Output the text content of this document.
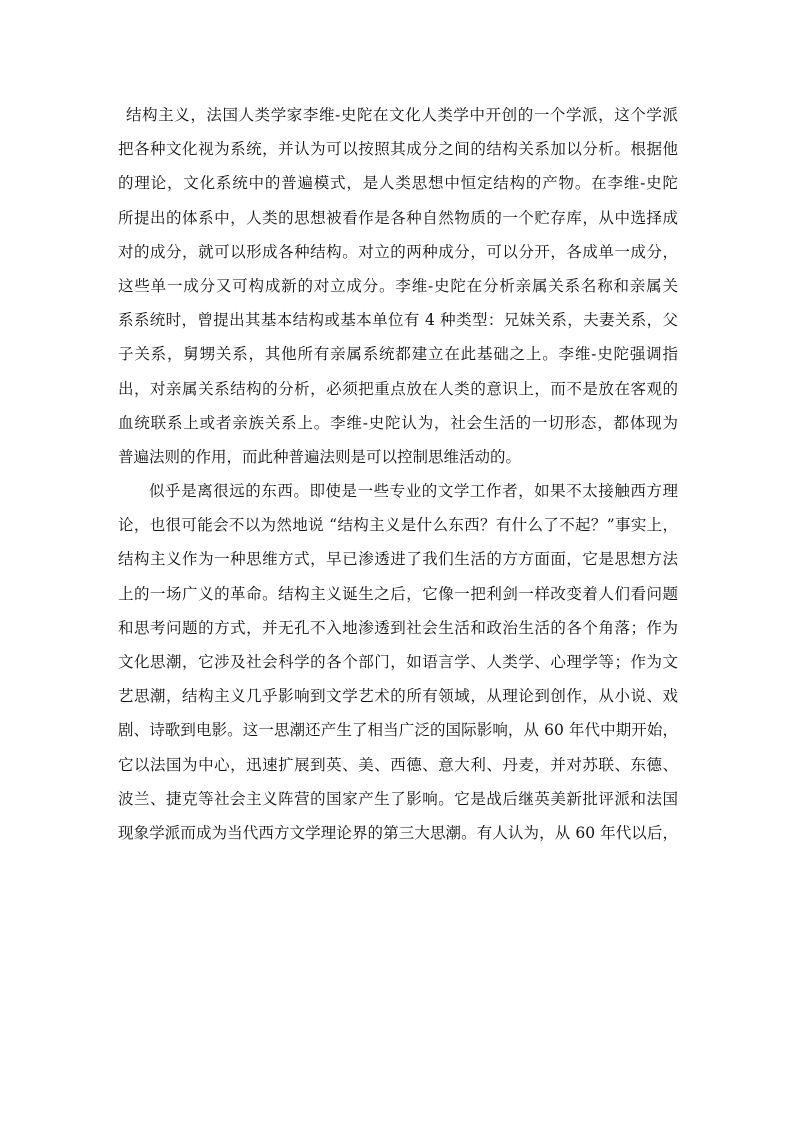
结构主义，法国人类学家李维-史陀在文化人类学中开创的一个学派，这个学派
把各种文化视为系统，并认为可以按照其成分之间的结构关系加以分析。根据他
的理论，文化系统中的普遍模式，是人类思想中恒定结构的产物。在李维-史陀
所提出的体系中，人类的思想被看作是各种自然物质的一个贮存库，从中选择成
对的成分，就可以形成各种结构。对立的两种成分，可以分开，各成单一成分，
这些单一成分又可构成新的对立成分。李维-史陀在分析亲属关系名称和亲属关
系系统时，曾提出其基本结构或基本单位有 4 种类型：兄妹关系，夫妻关系，父
子关系，舅甥关系，其他所有亲属系统都建立在此基础之上。李维-史陀强调指
出，对亲属关系结构的分析，必须把重点放在人类的意识上，而不是放在客观的
血统联系上或者亲族关系上。李维-史陀认为，社会生活的一切形态，都体现为
普遍法则的作用，而此种普遍法则是可以控制思维活动的。
似乎是离很远的东西。即使是一些专业的文学工作者，如果不太接触西方理
论，也很可能会不以为然地说 “结构主义是什么东西？有什么了不起？”事实上，
结构主义作为一种思维方式，早已渗透进了我们生活的方方面面，它是思想方法
上的一场广义的革命。结构主义诞生之后，它像一把利剑一样改变着人们看问题
和思考问题的方式，并无孔不入地渗透到社会生活和政治生活的各个角落；作为
文化思潮，它涉及社会科学的各个部门，如语言学、人类学、心理学等；作为文
艺思潮，结构主义几乎影响到文学艺术的所有领域，从理论到创作，从小说、戏
剧、诗歌到电影。这一思潮还产生了相当广泛的国际影响，从 60 年代中期开始，
它以法国为中心，迅速扩展到英、美、西德、意大利、丹麦，并对苏联、东德、
波兰、捷克等社会主义阵营的国家产生了影响。它是战后继英美新批评派和法国
现象学派而成为当代西方文学理论界的第三大思潮。有人认为，从 60 年代以后，
